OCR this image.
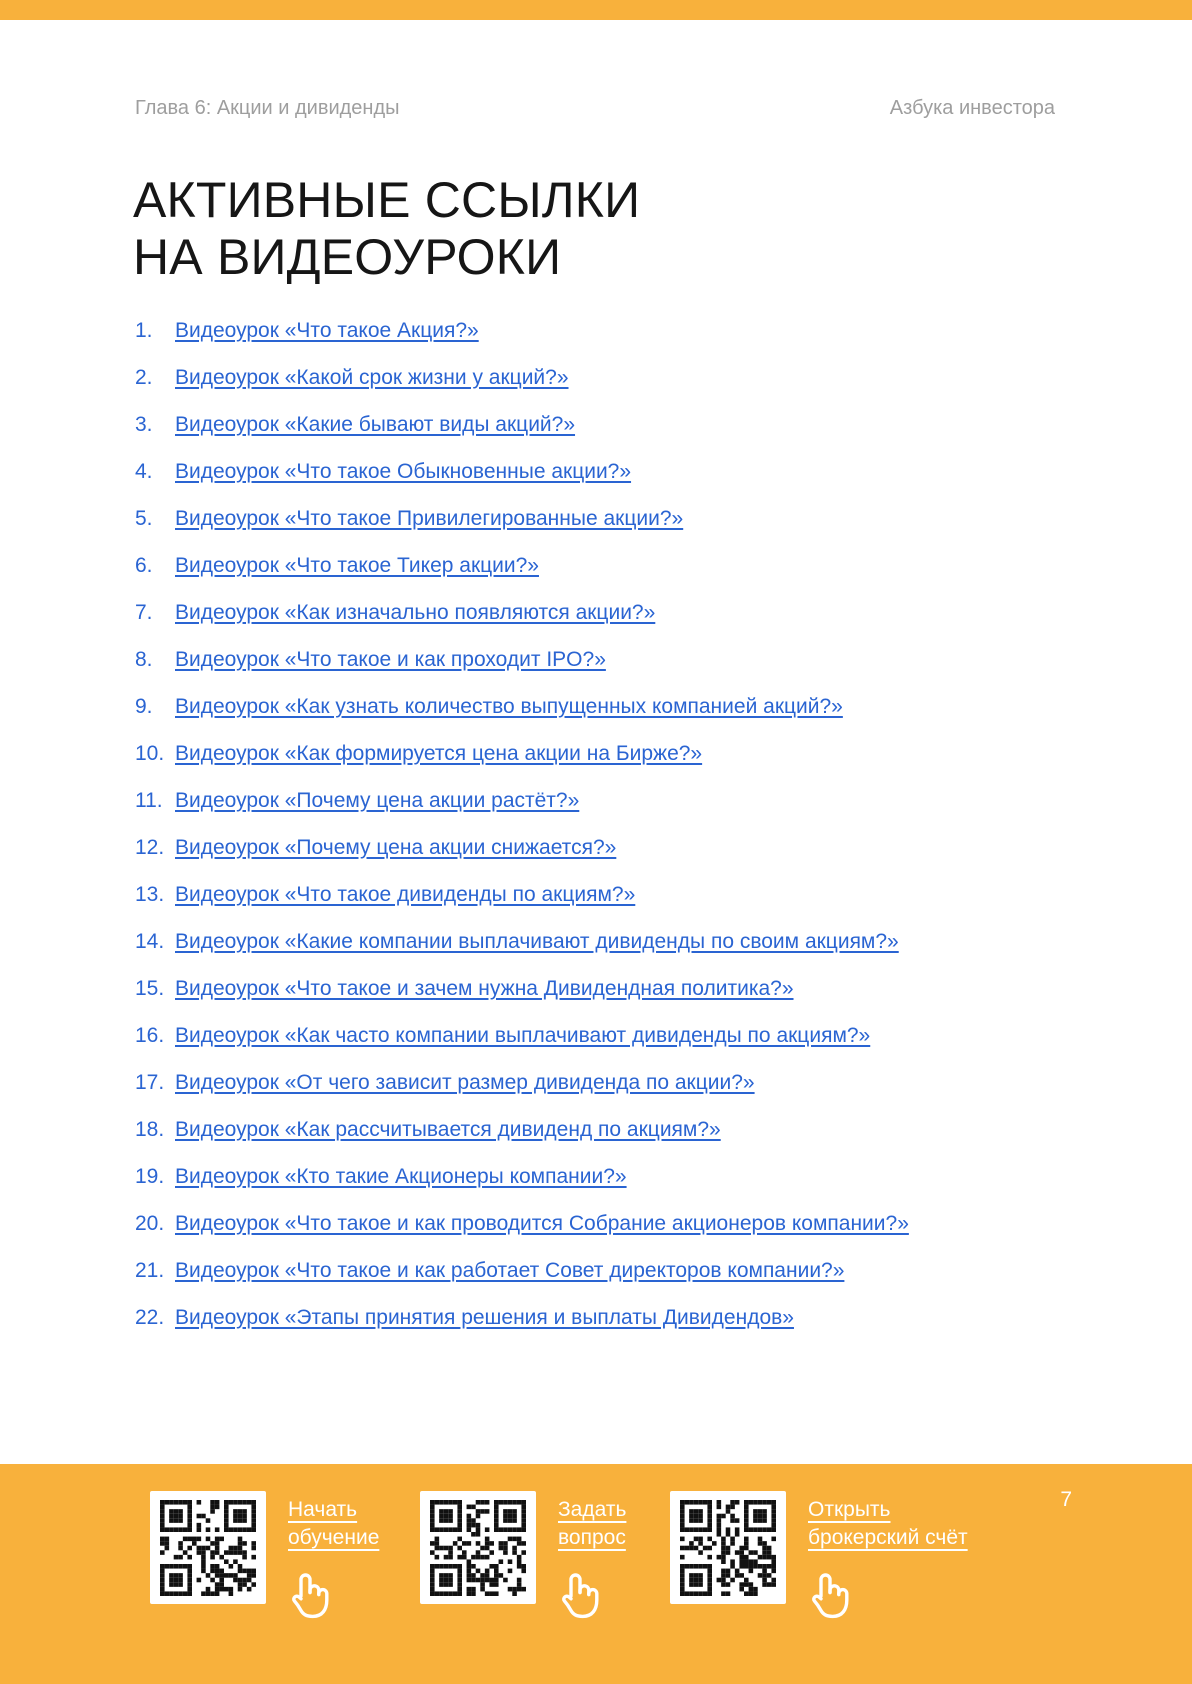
Глава 6: Акции и дивиденды	Азбука инвестора
АКТИВНЫЕ ССЫЛКИ
НА ВИДЕОУРОКИ
1.	Видеоурок «Что такое Акция?»
2.	Видеоурок «Какой срок жизни у акций?»
3.	Видеоурок «Какие бывают виды акций?»
4.	Видеоурок «Что такое Обыкновенные акции?»
5.	Видеоурок «Что такое Привилегированные акции?»
6.	Видеоурок «Что такое Тикер акции?»
7.	Видеоурок «Как изначально появляются акции?»
8.	Видеоурок «Что такое и как проходит IPO?»
9.	Видеоурок «Как узнать количество выпущенных компанией акций?»
10. Видеоурок «Как формируется цена акции на Бирже?»
11. Видеоурок «Почему цена акции растёт?»
12. Видеоурок «Почему цена акции снижается?»
13. Видеоурок «Что такое дивиденды по акциям?»
14. Видеоурок «Какие компании выплачивают дивиденды по своим акциям?»
15. Видеоурок «Что такое и зачем нужна Дивидендная политика?»
16. Видеоурок «Как часто компании выплачивают дивиденды по акциям?»
17. Видеоурок «От чего зависит размер дивиденда по акции?»
18. Видеоурок «Как рассчитывается дивиденд по акциям?»
19. Видеоурок «Кто такие Акционеры компании?»
20. Видеоурок «Что такое и как проводится Собрание акционеров компании?»
21. Видеоурок «Что такое и как работает Совет директоров компании?»
22. Видеоурок «Этапы принятия решения и выплаты Дивидендов»
Начать
обучение
Задать
вопрос
Открыть
брокерский счёт
7
